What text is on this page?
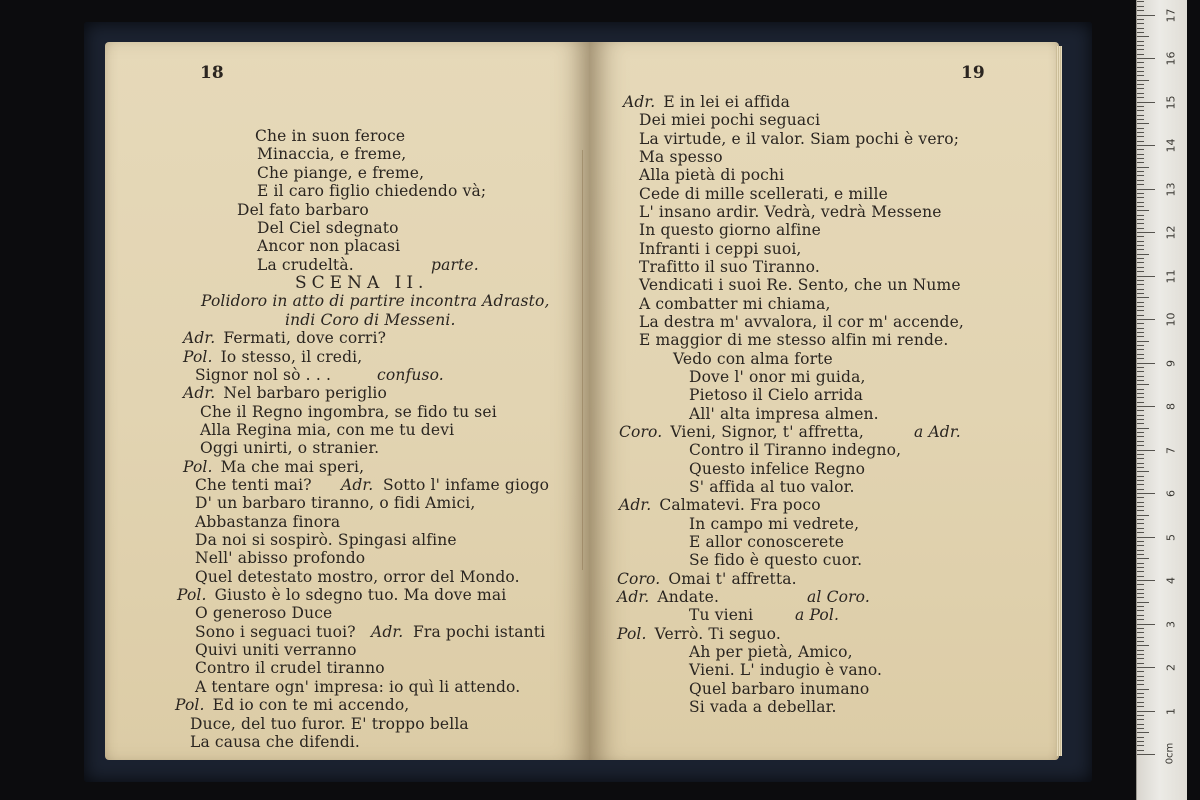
18
Che in suon feroce
Minaccia, e freme,
Che piange, e freme,
E il caro figlio chiedendo và;
Del fato barbaro
Del Ciel sdegnato
Ancor non placasi
La crudeltà.
SCENA II.
Polidoro in atto di partire incontra Adrasto,
indi Coro di Messeni.
Adr. Fermati, dove corri?
Pol. Io stesso, il credi,
Signor nol sò . . .
Adr. Nel barbaro periglio
Che il Regno ingombra, se fido tu sei
Alla Regina mia, con me tu devi
Oggi unirti, o stranier.
Pol. Ma che mai speri,
Che tenti mai?
D' un barbaro tiranno, o fidi Amici,
Abbastanza finora
Da noi si sospirò. Spingasi alfine
Nell' abisso profondo
Quel detestato mostro, orror del Mondo.
Pol. Giusto è lo sdegno tuo. Ma dove mai
O generoso Duce
Sono i seguaci tuoi?
Quivi uniti verranno
Contro il crudel tiranno
A tentare ogn' impresa: io quì li attendo.
Pol. Ed io con te mi accendo,
Duce, del tuo furor. E' troppo bella
La causa che difendi.
parte.
confuso.
Adr. Sotto l' infame giogo
Adr. Fra pochi istanti
19
Adr. E in lei ei affida
Dei miei pochi seguaci
La virtude, e il valor. Siam pochi è vero;
Ma spesso
Alla pietà di pochi
Cede di mille scellerati, e mille
L' insano ardir. Vedrà, vedrà Messene
In questo giorno alfine
Infranti i ceppi suoi,
Trafitto il suo Tiranno.
Vendicati i suoi Re. Sento, che un Nume
A combatter mi chiama,
La destra m' avvalora, il cor m' accende,
E maggior di me stesso alfin mi rende.
Vedo con alma forte
Dove l' onor mi guida,
Pietoso il Cielo arrida
All' alta impresa almen.
Coro. Vieni, Signor, t' affretta,
Contro il Tiranno indegno,
Questo infelice Regno
S' affida al tuo valor.
Adr. Calmatevi. Fra poco
In campo mi vedrete,
E allor conoscerete
Se fido è questo cuor.
Coro. Omai t' affretta.
Adr. Andate.
Tu vieni
Pol. Verrò. Ti seguo.
Ah per pietà, Amico,
Vieni. L' indugio è vano.
Quel barbaro inumano
Si vada a debellar.
a Adr.
al Coro.
a Pol.
0cm
17
16
15
14
13
12
11
10
9
8
7
6
5
4
3
2
1
